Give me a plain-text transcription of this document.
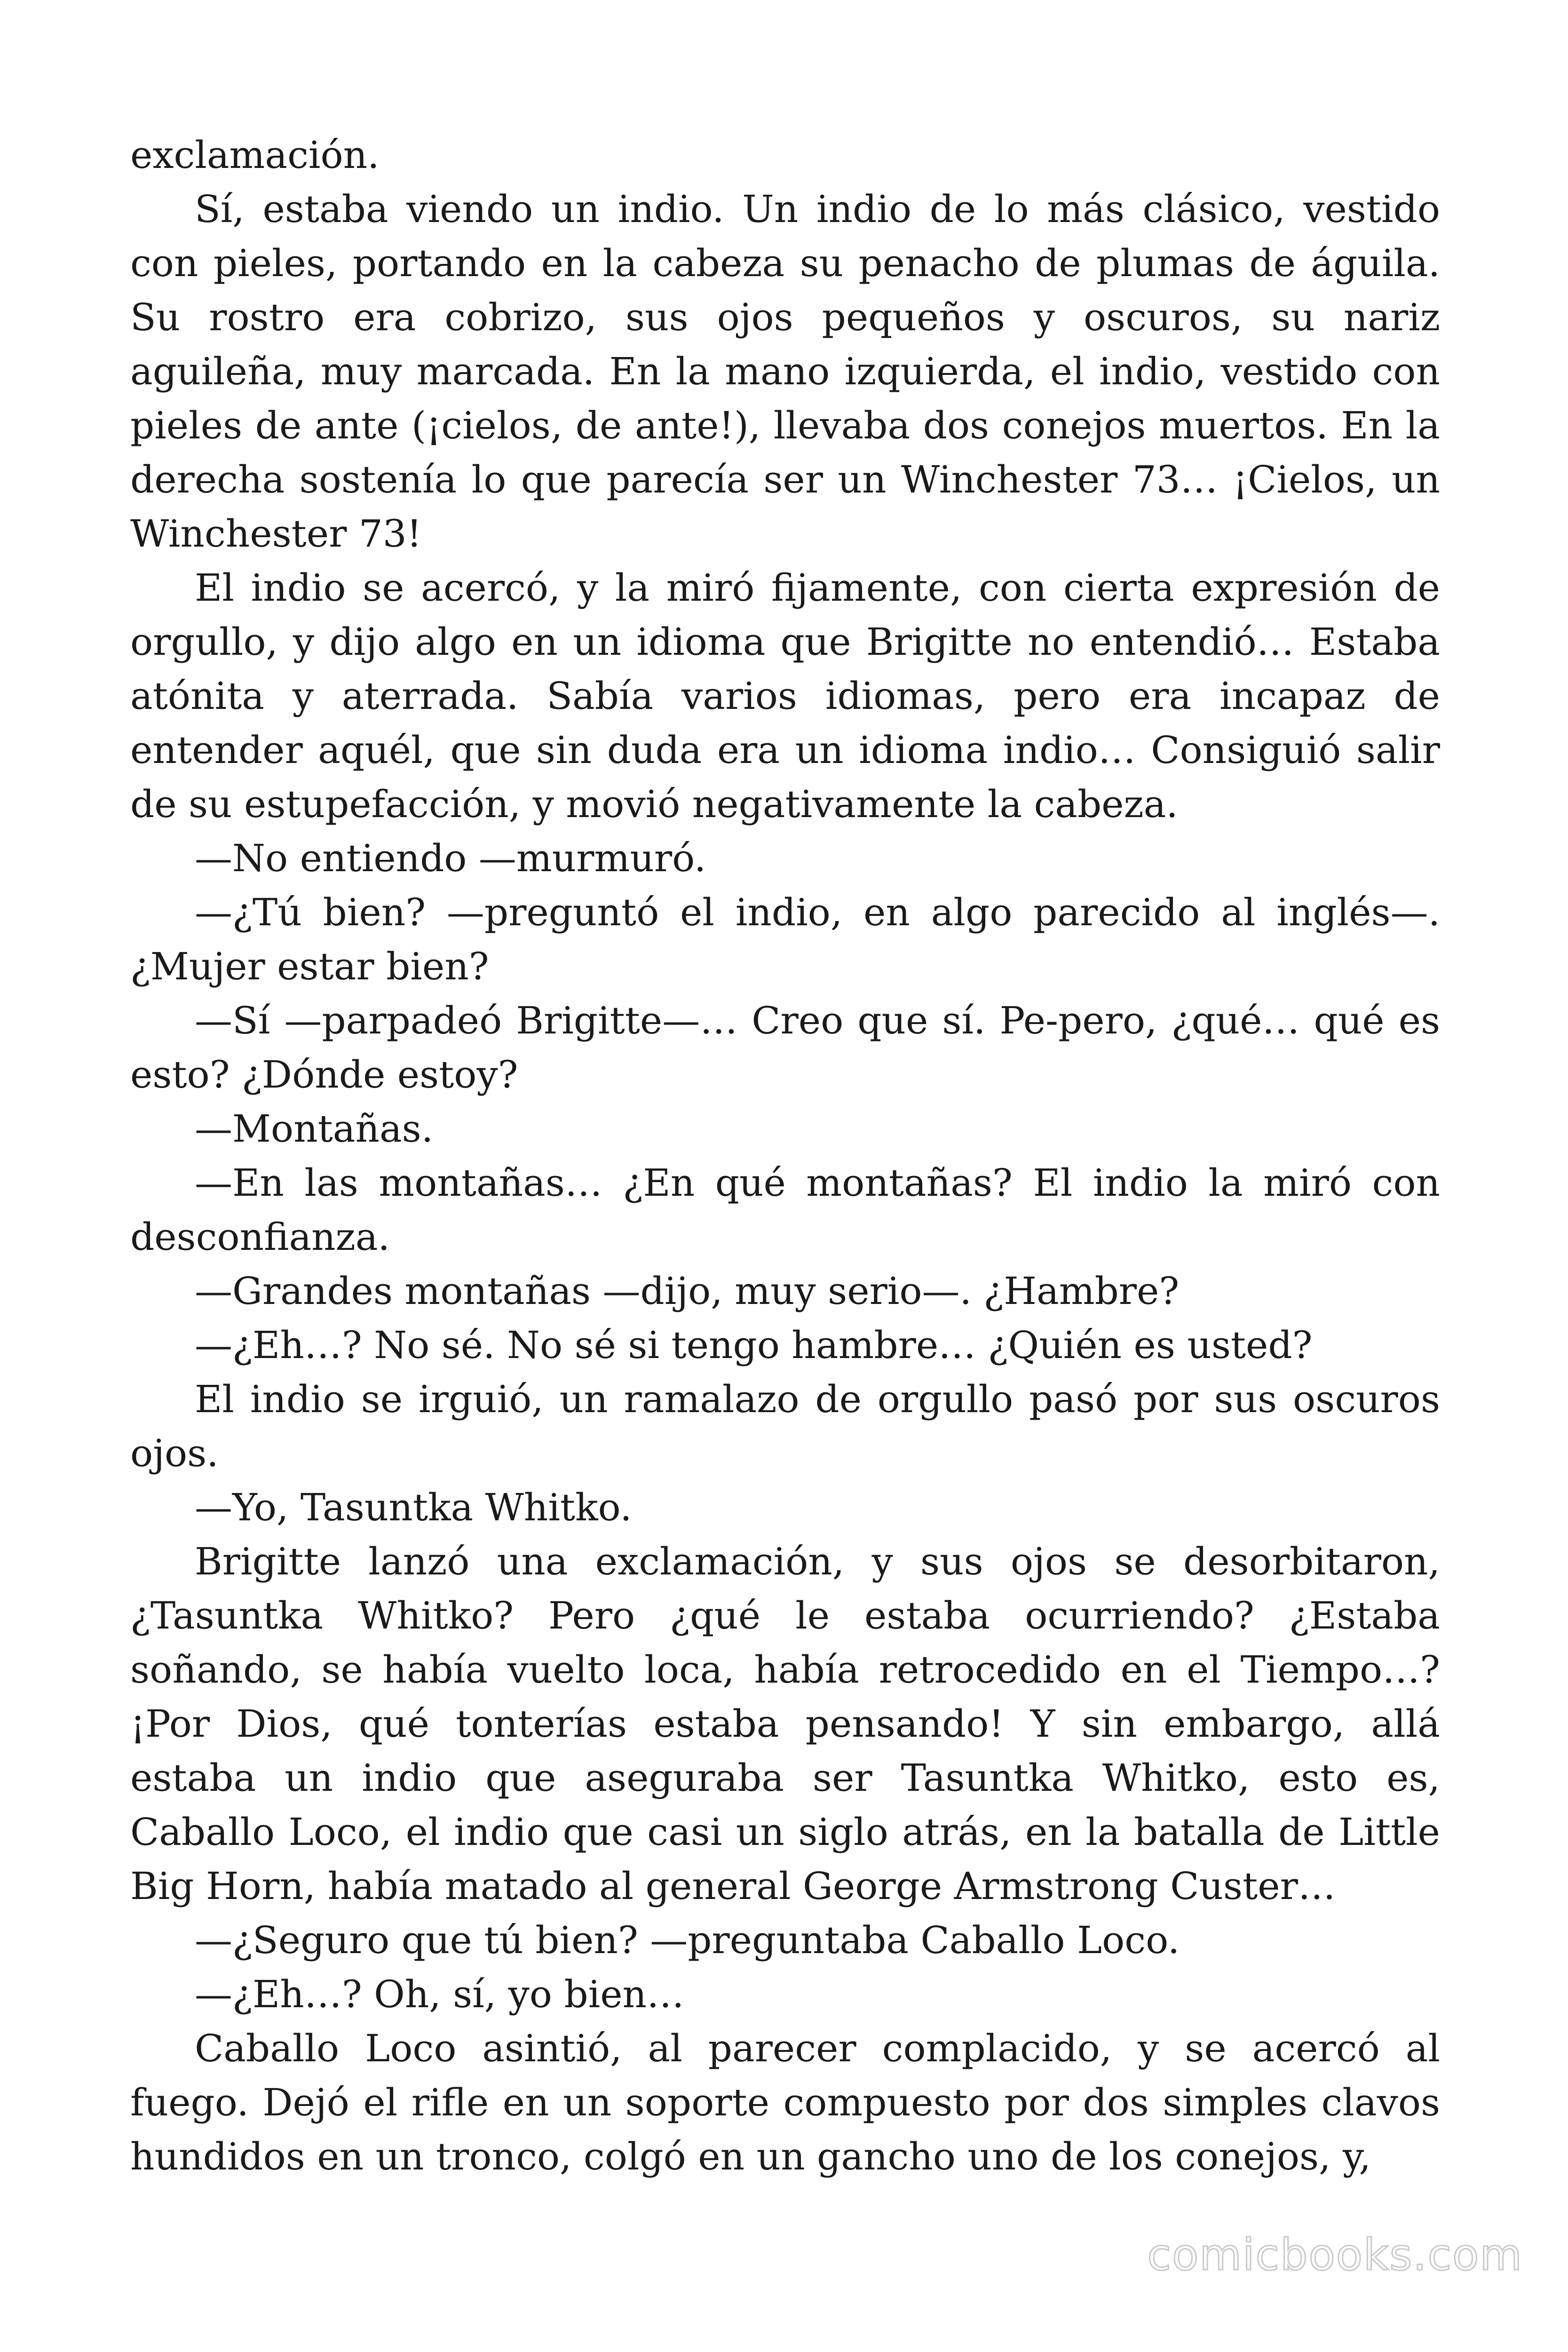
exclamación.

Sí, estaba viendo un indio. Un indio de lo más clásico, vestido con pieles, portando en la cabeza su penacho de plumas de águila. Su rostro era cobrizo, sus ojos pequeños y oscuros, su nariz aguileña, muy marcada. En la mano izquierda, el indio, vestido con pieles de ante (¡cielos, de ante!), llevaba dos conejos muertos. En la derecha sostenía lo que parecía ser un Winchester 73… ¡Cielos, un Winchester 73!

El indio se acercó, y la miró fijamente, con cierta expresión de orgullo, y dijo algo en un idioma que Brigitte no entendió… Estaba atónita y aterrada. Sabía varios idiomas, pero era incapaz de entender aquél, que sin duda era un idioma indio… Consiguió salir de su estupefacción, y movió negativamente la cabeza.

—No entiendo —murmuró.

—¿Tú bien? —preguntó el indio, en algo parecido al inglés—. ¿Mujer estar bien?

—Sí —parpadeó Brigitte—… Creo que sí. Pe-pero, ¿qué… qué es esto? ¿Dónde estoy?

—Montañas.

—En las montañas… ¿En qué montañas? El indio la miró con desconfianza.

—Grandes montañas —dijo, muy serio—. ¿Hambre?

—¿Eh…? No sé. No sé si tengo hambre… ¿Quién es usted?

El indio se irguió, un ramalazo de orgullo pasó por sus oscuros ojos.

—Yo, Tasuntka Whitko.

Brigitte lanzó una exclamación, y sus ojos se desorbitaron, ¿Tasuntka Whitko? Pero ¿qué le estaba ocurriendo? ¿Estaba soñando, se había vuelto loca, había retrocedido en el Tiempo…? ¡Por Dios, qué tonterías estaba pensando! Y sin embargo, allá estaba un indio que aseguraba ser Tasuntka Whitko, esto es, Caballo Loco, el indio que casi un siglo atrás, en la batalla de Little Big Horn, había matado al general George Armstrong Custer…

—¿Seguro que tú bien? —preguntaba Caballo Loco.

—¿Eh…? Oh, sí, yo bien…

Caballo Loco asintió, al parecer complacido, y se acercó al fuego. Dejó el rifle en un soporte compuesto por dos simples clavos hundidos en un tronco, colgó en un gancho uno de los conejos, y,

comicbooks.com
